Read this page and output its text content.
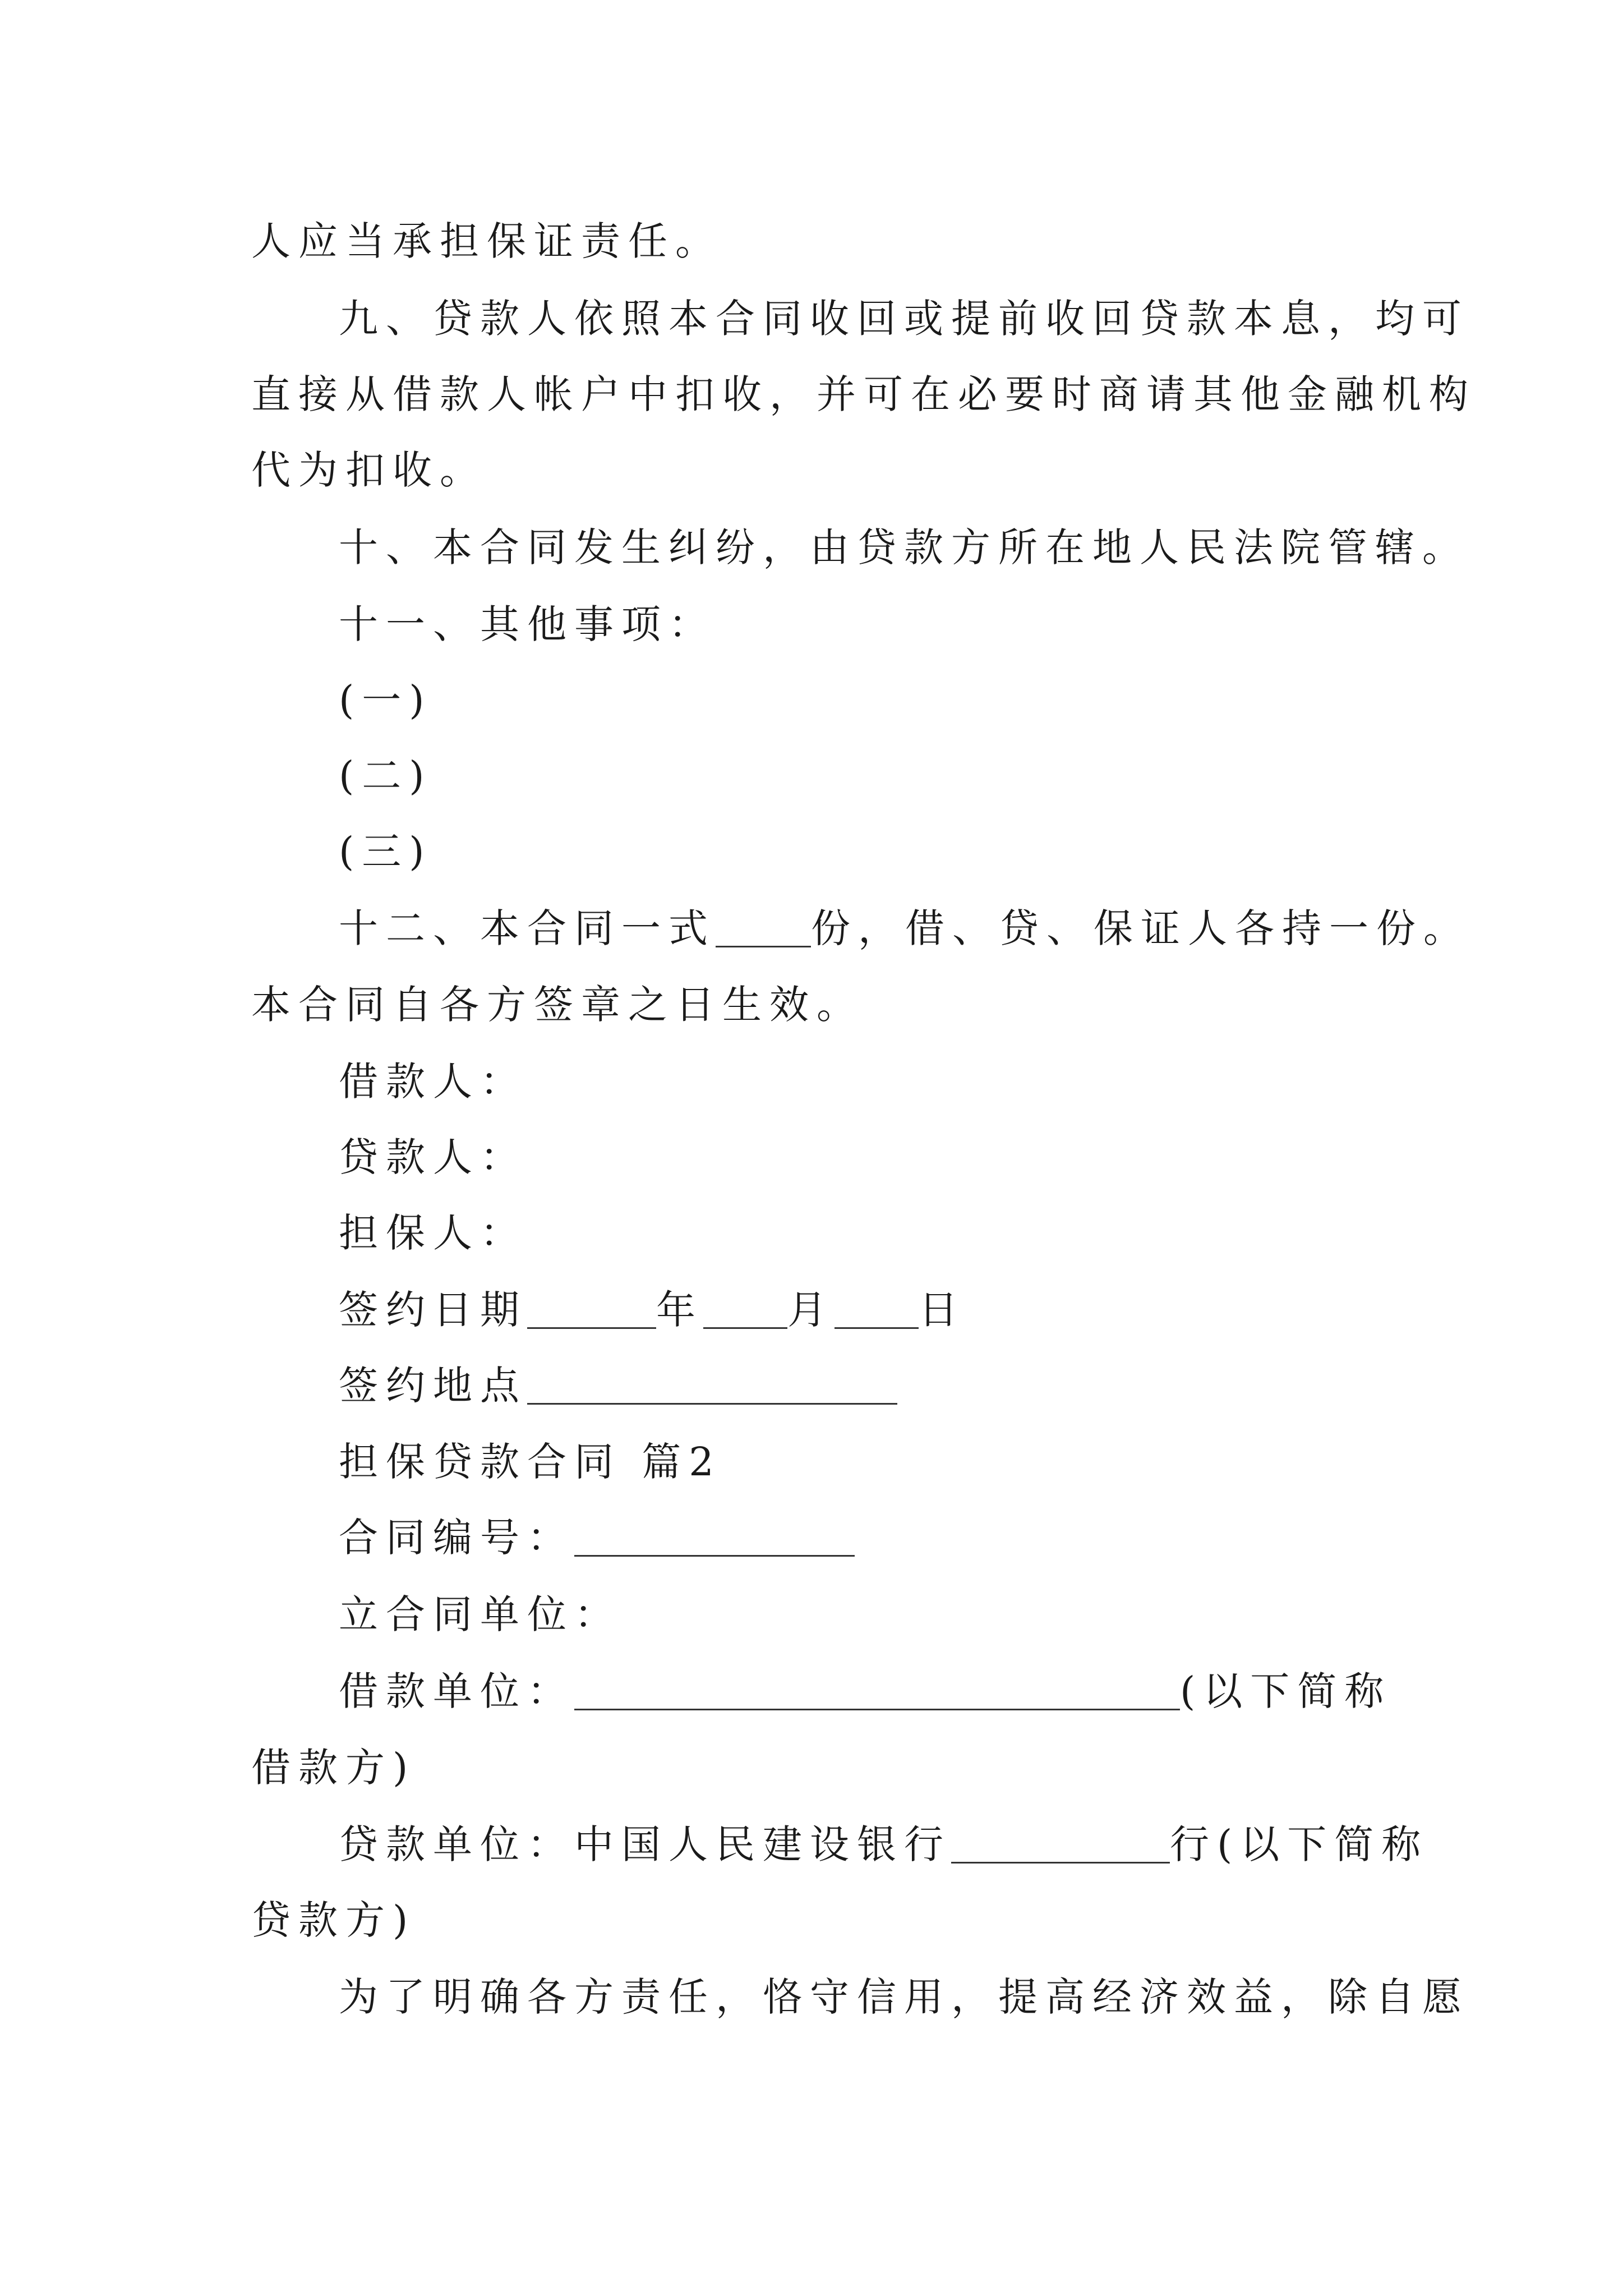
人应当承担保证责任。
九、贷款人依照本合同收回或提前收回贷款本息，均可
直接从借款人帐户中扣收，并可在必要时商请其他金融机构
代为扣收。
十、本合同发生纠纷，由贷款方所在地人民法院管辖。
十一、其他事项：
(一)
(二)
(三)
十二、本合同一式 份，借、贷、保证人各持一份。
本合同自各方签章之日生效。
借款人：
贷款人：
担保人：
签约日期	年 月 日
签约地点
担保贷款合同 篇2
合同编号：
立合同单位：
借款单位：	(以下简称
借款方)
贷款单位：中国人民建设银行	行(以下简称
贷款方)
为了明确各方责任，恪守信用，提高经济效益，除自愿
